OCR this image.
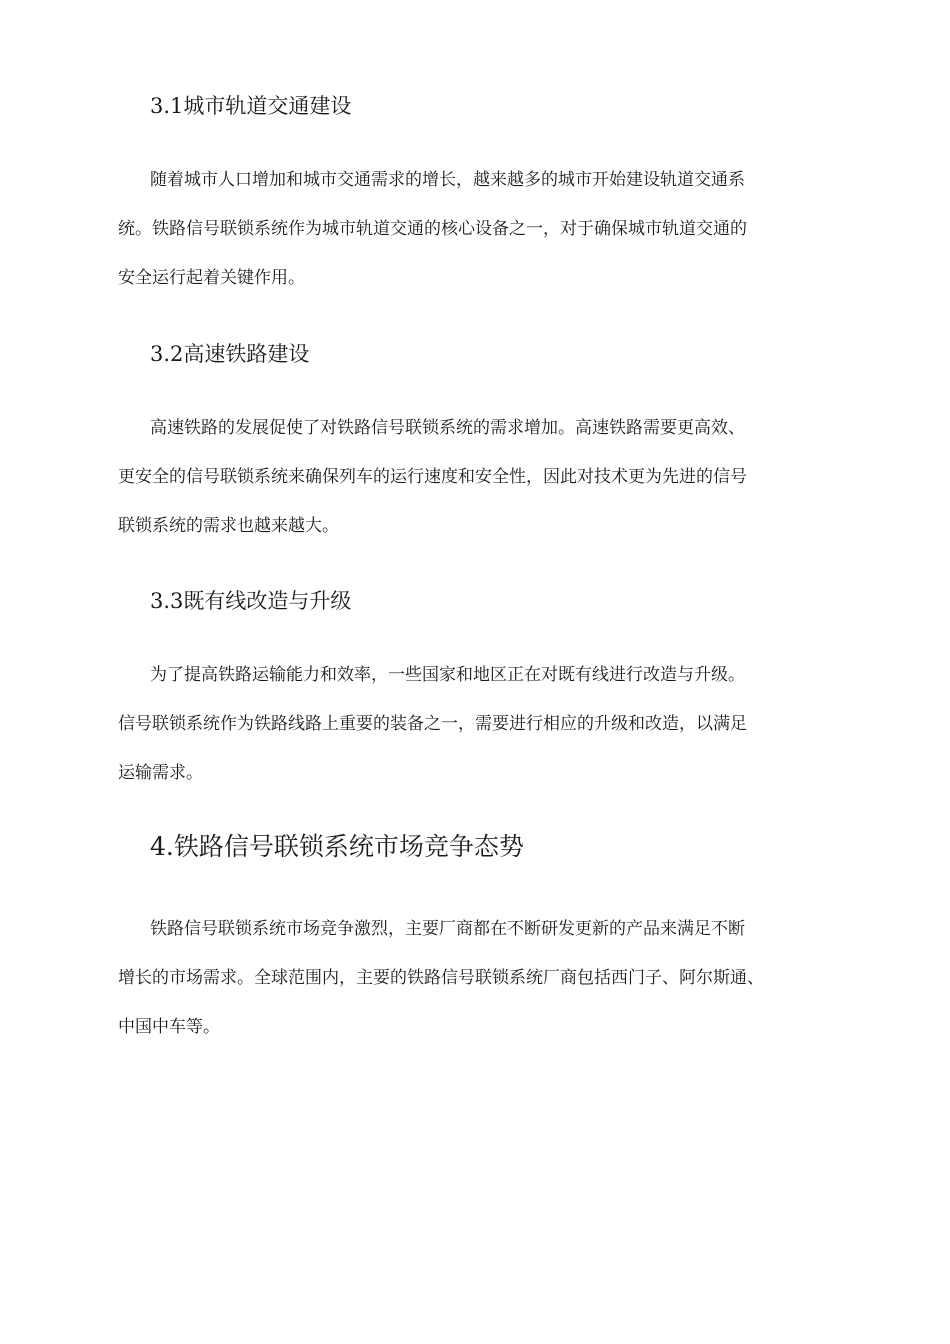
3.1城市轨道交通建设
随着城市人口增加和城市交通需求的增长，越来越多的城市开始建设轨道交通系
统。铁路信号联锁系统作为城市轨道交通的核心设备之一，对于确保城市轨道交通的
安全运行起着关键作用。
3.2高速铁路建设
高速铁路的发展促使了对铁路信号联锁系统的需求增加。高速铁路需要更高效、
更安全的信号联锁系统来确保列车的运行速度和安全性，因此对技术更为先进的信号
联锁系统的需求也越来越大。
3.3既有线改造与升级
为了提高铁路运输能力和效率，一些国家和地区正在对既有线进行改造与升级。
信号联锁系统作为铁路线路上重要的装备之一，需要进行相应的升级和改造，以满足
运输需求。
4.铁路信号联锁系统市场竞争态势
铁路信号联锁系统市场竞争激烈，主要厂商都在不断研发更新的产品来满足不断
增长的市场需求。全球范围内，主要的铁路信号联锁系统厂商包括西门子、阿尔斯通、
中国中车等。
